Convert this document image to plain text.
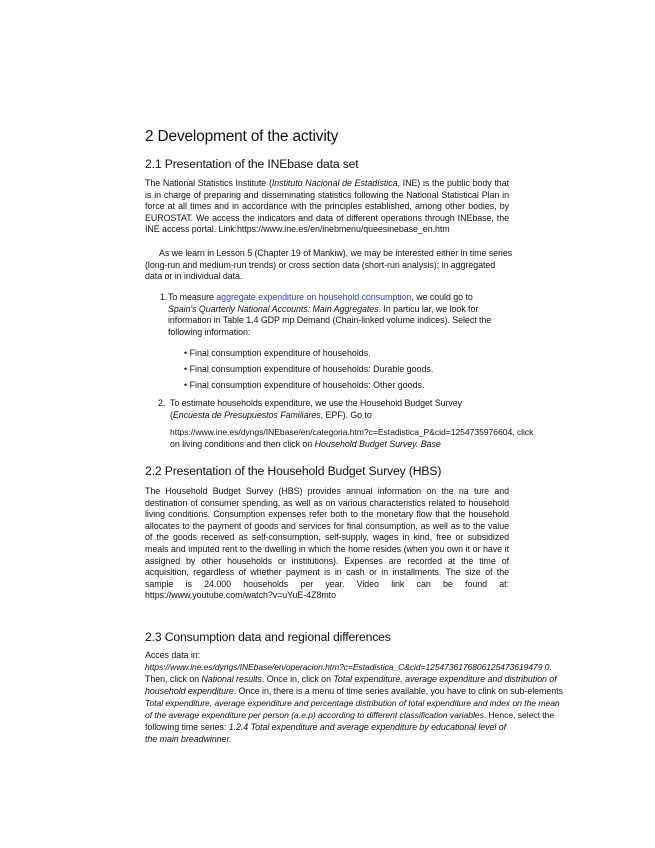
2 Development of the activity
2.1 Presentation of the INEbase data set
The National Statistics Institute (Instituto Nacional de Estadística, INE) is the public body that is in charge of preparing and disseminating statistics following the National Statistical Plan in force at all times and in accordance with the principles established, among other bodies, by EUROSTAT. We access the indicators and data of different operations through INEbase, the INE access portal. Link:https://www.ine.es/en/inebmenu/queesinebase_en.htm
As we learn in Lesson 5 (Chapter 19 of Mankiw), we may be interested either in time series (long-run and medium-run trends) or cross section data (short-run analysis); in aggregated data or in individual data.
1. To measure aggregate expenditure on household consumption, we could go to Spain's Quarterly National Accounts: Main Aggregates. In particu lar, we look for information in Table 1.4 GDP mp Demand (Chain-linked volume indices). Select the following information:
• Final consumption expenditure of households.
• Final consumption expenditure of households: Durable goods.
• Final consumption expenditure of households: Other goods.
2. To estimate households expenditure, we use the Household Budget Survey (Encuesta de Presupuestos Familiares, EPF). Go to
https://www.ine.es/dyngs/INEbase/en/categoria.htm?c=Estadistica_P&cid=1254735976604, click
on living conditions and then click on Household Budget Survey. Base
2.2 Presentation of the Household Budget Survey (HBS)
The Household Budget Survey (HBS) provides annual information on the na ture and destination of consumer spending, as well as on various characteristics related to household living conditions. Consumption expenses refer both to the monetary flow that the household allocates to the payment of goods and services for final consumption, as well as to the value of the goods received as self-consumption, self-supply, wages in kind, free or subsidized meals and imputed rent to the dwelling in which the home resides (when you own it or have it assigned by other households or institutions). Expenses are recorded at the time of acquisition, regardless of whether payment is in cash or in installments. The size of the sample is 24.000 households per year. Video link can be found at: https://www.youtube.com/watch?v=uYuE-4Z8mto
2.3 Consumption data and regional differences
Acces data in:
https://www.ine.es/dyngs/INEbase/en/operacion.htm?c=Estadistica_C&cid=1254736176806125473619479 0.
Then, click on National results. Once in, click on Total expenditure, average expenditure and distribution of
household expenditure. Once in, there is a menu of time series available, you have to clink on sub-elements
Total expenditure, average expenditure and percentage distribution of total expenditure and index on the mean
of the average expenditure per person (a.e.p) according to different classification variables. Hence, select the
following time series: 1.2.4 Total expenditure and average expenditure by educational level of
the main breadwinner.
